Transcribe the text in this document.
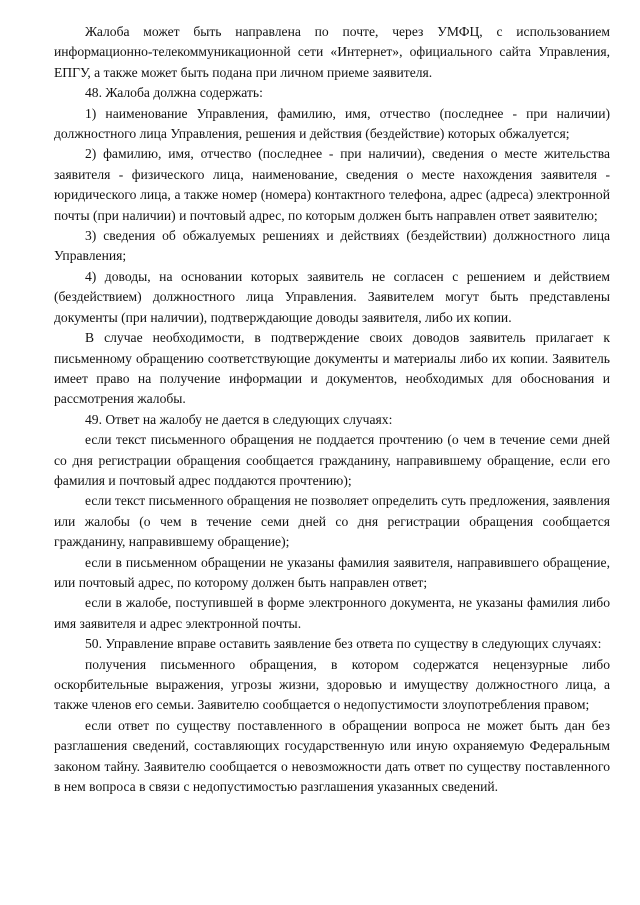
Жалоба может быть направлена по почте, через УМФЦ, с использованием информационно-телекоммуникационной сети «Интернет», официального сайта Управления, ЕПГУ, а также может быть подана при личном приеме заявителя.

48. Жалоба должна содержать:

1) наименование Управления, фамилию, имя, отчество (последнее - при наличии) должностного лица Управления, решения и действия (бездействие) которых обжалуется;

2) фамилию, имя, отчество (последнее - при наличии), сведения о месте жительства заявителя - физического лица, наименование, сведения о месте нахождения заявителя - юридического лица, а также номер (номера) контактного телефона, адрес (адреса) электронной почты (при наличии) и почтовый адрес, по которым должен быть направлен ответ заявителю;

3) сведения об обжалуемых решениях и действиях (бездействии) должностного лица Управления;

4) доводы, на основании которых заявитель не согласен с решением и действием (бездействием) должностного лица Управления. Заявителем могут быть представлены документы (при наличии), подтверждающие доводы заявителя, либо их копии.

В случае необходимости, в подтверждение своих доводов заявитель прилагает к письменному обращению соответствующие документы и материалы либо их копии. Заявитель имеет право на получение информации и документов, необходимых для обоснования и рассмотрения жалобы.

49. Ответ на жалобу не дается в следующих случаях:

если текст письменного обращения не поддается прочтению (о чем в течение семи дней со дня регистрации обращения сообщается гражданину, направившему обращение, если его фамилия и почтовый адрес поддаются прочтению);

если текст письменного обращения не позволяет определить суть предложения, заявления или жалобы (о чем в течение семи дней со дня регистрации обращения сообщается гражданину, направившему обращение);

если в письменном обращении не указаны фамилия заявителя, направившего обращение, или почтовый адрес, по которому должен быть направлен ответ;

если в жалобе, поступившей в форме электронного документа, не указаны фамилия либо имя заявителя и адрес электронной почты.

50. Управление вправе оставить заявление без ответа по существу в следующих случаях:

получения письменного обращения, в котором содержатся нецензурные либо оскорбительные выражения, угрозы жизни, здоровью и имуществу должностного лица, а также членов его семьи. Заявителю сообщается о недопустимости злоупотребления правом;

если ответ по существу поставленного в обращении вопроса не может быть дан без разглашения сведений, составляющих государственную или иную охраняемую Федеральным законом тайну. Заявителю сообщается о невозможности дать ответ по существу поставленного в нем вопроса в связи с недопустимостью разглашения указанных сведений.
